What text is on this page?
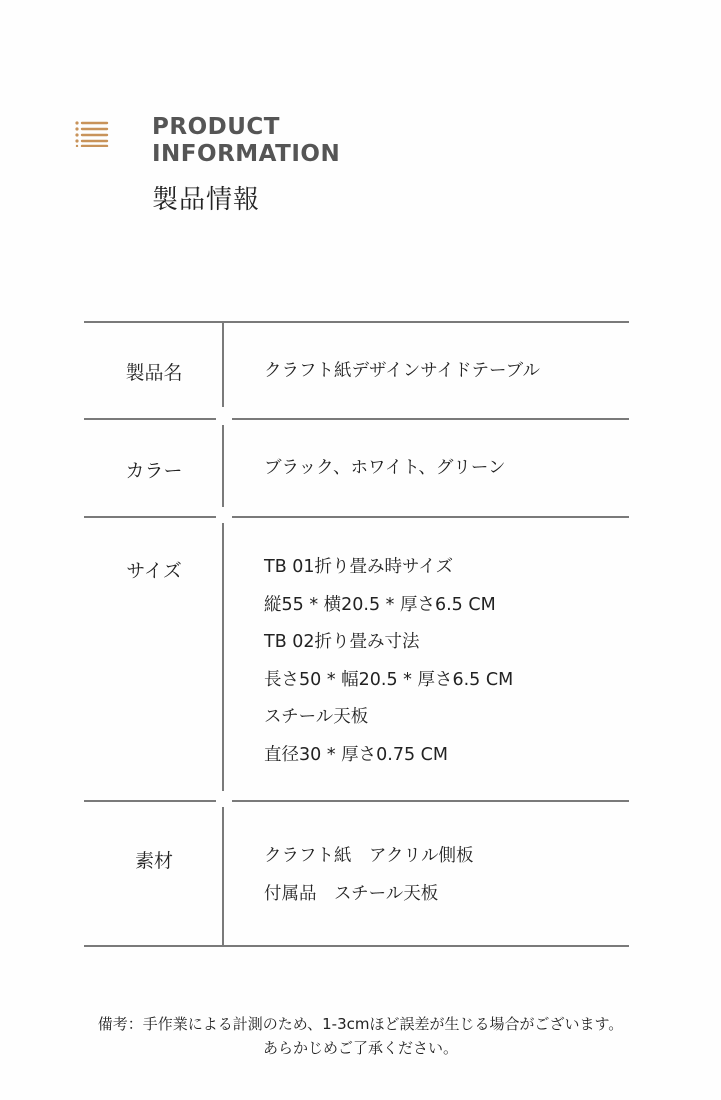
PRODUCT
INFORMATION
製品情報
製品名	クラフト紙デザインサイドテーブル
カラー	ブラック、ホワイト、グリーン
サイズ	TB 01折り畳み時サイズ
縦55 * 横20.5 * 厚さ6.5 CM
TB 02折り畳み寸法
長さ50 * 幅20.5 * 厚さ6.5 CM
スチール天板
直径30 * 厚さ0.75 CM
素材	クラフト紙　アクリル側板
付属品　スチール天板
備考：手作業による計測のため、1-3cmほど誤差が生じる場合がございます。
あらかじめご了承ください。
